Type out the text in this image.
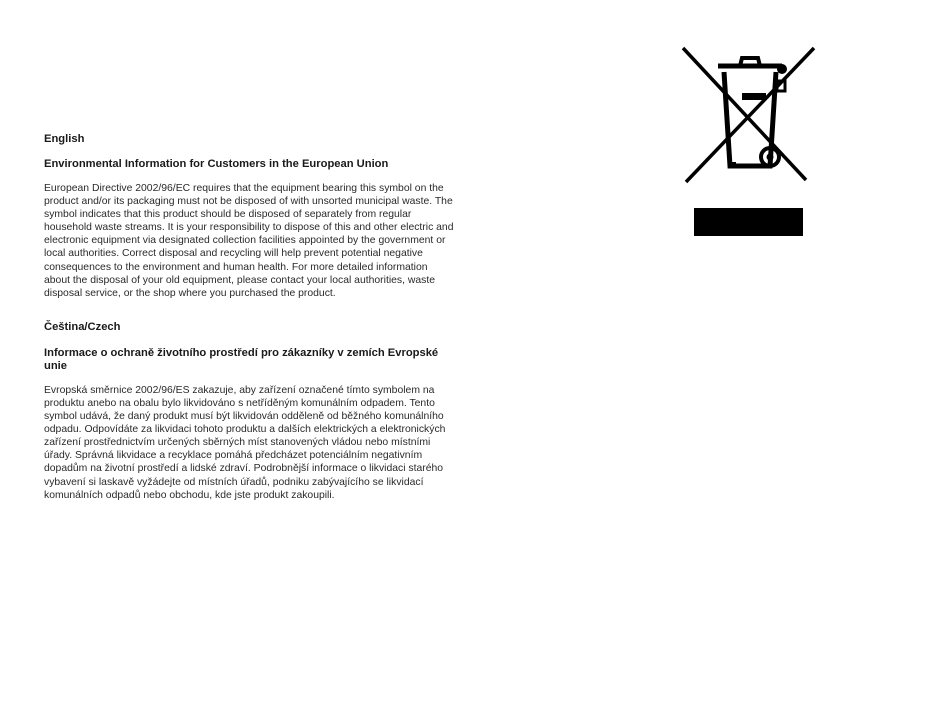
English

Environmental Information for Customers in the European Union

European Directive 2002/96/EC requires that the equipment bearing this symbol on the product and/or its packaging must not be disposed of with unsorted municipal waste. The symbol indicates that this product should be disposed of separately from regular household waste streams. It is your responsibility to dispose of this and other electric and electronic equipment via designated collection facilities appointed by the government or local authorities. Correct disposal and recycling will help prevent potential negative consequences to the environment and human health. For more detailed information about the disposal of your old equipment, please contact your local authorities, waste disposal service, or the shop where you purchased the product.

Čeština/Czech

Informace o ochraně životního prostředí pro zákazníky v zemích Evropské unie

Evropská směrnice 2002/96/ES zakazuje, aby zařízení označené tímto symbolem na produktu anebo na obalu bylo likvidováno s netříděným komunálním odpadem. Tento symbol udává, že daný produkt musí být likvidován odděleně od běžného komunálního odpadu. Odpovídáte za likvidaci tohoto produktu a dalších elektrických a elektronických zařízení prostřednictvím určených sběrných míst stanovených vládou nebo místními úřady. Správná likvidace a recyklace pomáhá předcházet potenciálním negativním dopadům na životní prostředí a lidské zdraví. Podrobnější informace o likvidaci starého vybavení si laskavě vyžádejte od místních úřadů, podniku zabývajícího se likvidací komunálních odpadů nebo obchodu, kde jste produkt zakoupili.
